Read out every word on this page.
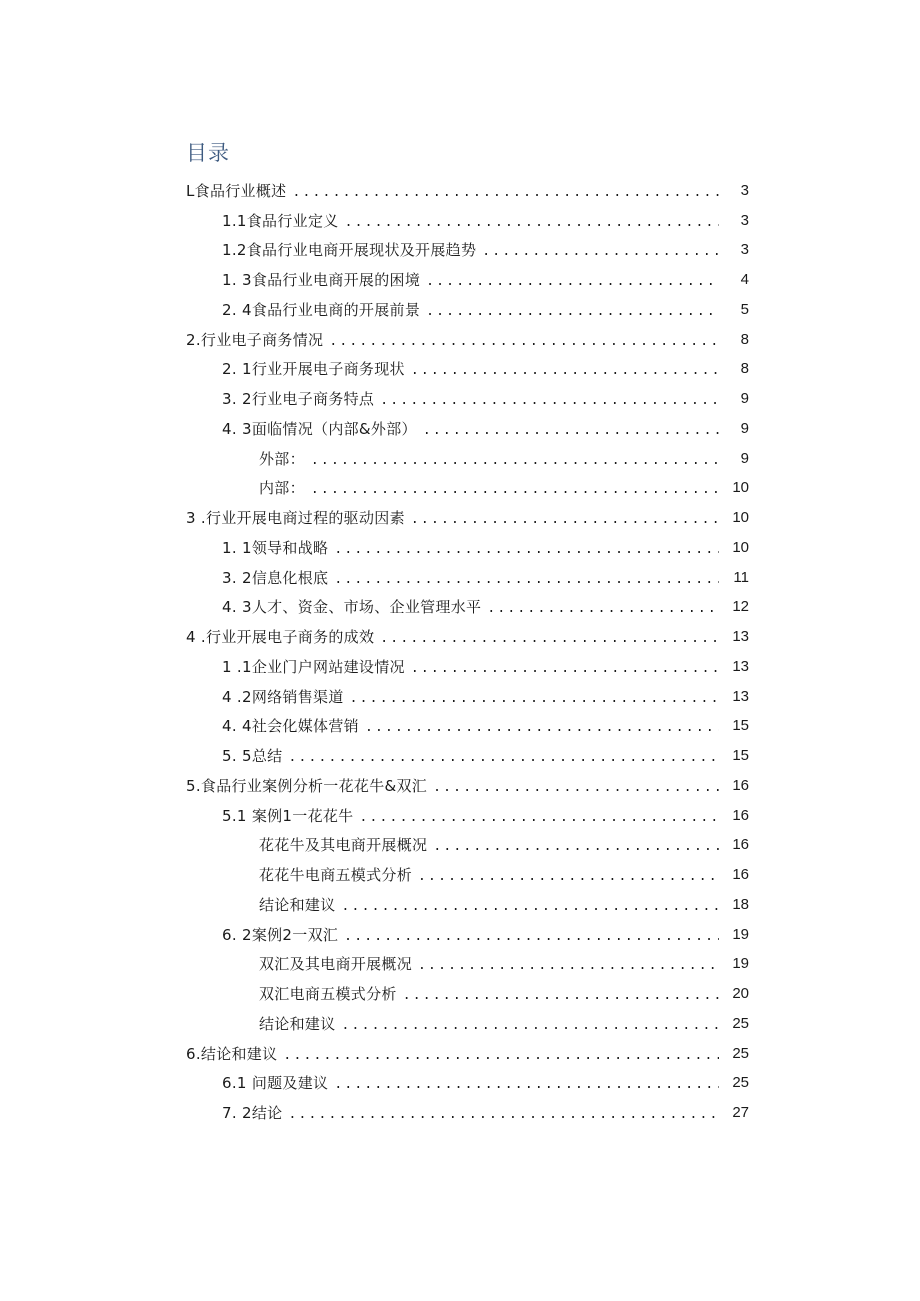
目录
L食品行业概述 .....	3
1.1食品行业定义 .....	3
1.2食品行业电商开展现状及开展趋势 .....	3
1. 3食品行业电商开展的困境 .....	4
2. 4食品行业电商的开展前景 .....	5
2.行业电子商务情况 .....	8
2. 1行业开展电子商务现状 .....	8
3. 2行业电子商务特点 .....	9
4. 3面临情况（内部&外部） .....	9
外部： .....	9
内部： .....	10
3 .行业开展电商过程的驱动因素 .....	10
1. 1领导和战略 .....	10
3. 2信息化根底 .....	11
4. 3人才、资金、市场、企业管理水平 .....	12
4 .行业开展电子商务的成效 .....	13
1 .1企业门户网站建设情况 .....	13
4 .2网络销售渠道 .....	13
4. 4社会化媒体营销 .....	15
5. 5总结 .....	15
5.食品行业案例分析一花花牛&双汇 .....	16
5.1 案例1一花花牛 .....	16
花花牛及其电商开展概况 .....	16
花花牛电商五模式分析 .....	16
结论和建议 .....	18
6. 2案例2一双汇 .....	19
双汇及其电商开展概况 .....	19
双汇电商五模式分析 .....	20
结论和建议 .....	25
6.结论和建议 .....	25
6.1 问题及建议 .....	25
7. 2结论 .....	27
